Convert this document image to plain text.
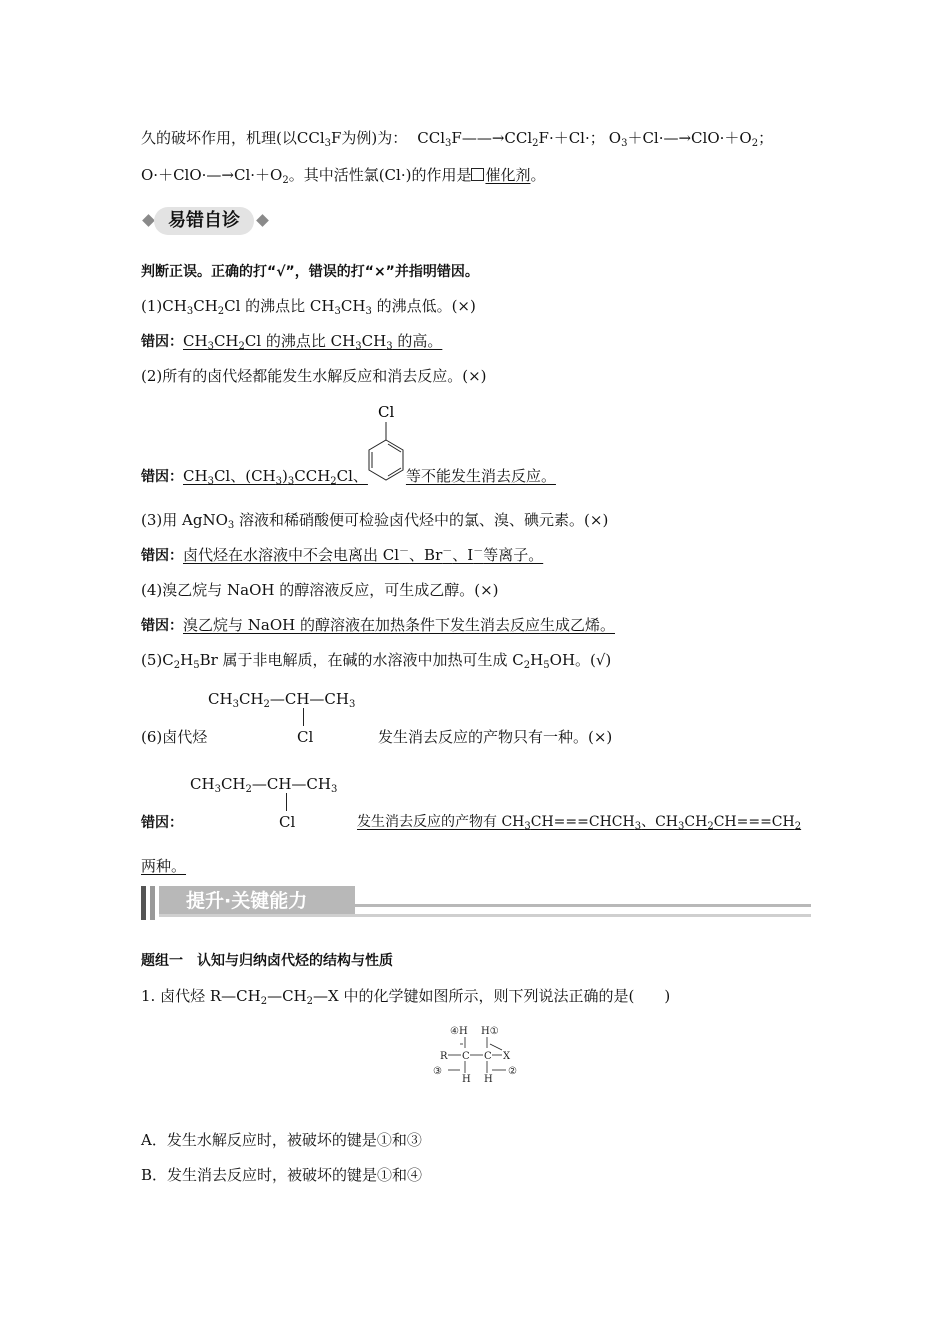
久的破坏作用，机理(以CCl$_3$F为例)为： CCl$_3$F——→CCl$_2$F·＋Cl·； $O_3+Cl\cdot—\to ClO\cdot+O_2$；
$O\cdot+ClO\cdot—\to Cl\cdot+O_2$。其中活性氯(Cl·)的作用是 催化剂。
易错自诊
判断正误。正确的打“√”，错误的打“×”并指明错因。
$(1)CH_3CH_2Cl$ 的沸点比 $CH_3CH_3$ 的沸点低。(×)
错因：$CH_3CH_2Cl$ 的沸点比 $CH_3CH_3$ 的高。
(2)所有的卤代烃都能发生水解反应和消去反应。(×)
Cl
错因：$CH_3Cl$、$(CH_3)_3CCH_2Cl$、	等不能发生消去反应。
(3)用 AgNO$_3$ 溶液和稀硝酸便可检验卤代烃中的氯、溴、碘元素。(×)
错因：卤代烃在水溶液中不会电离出 Cl－、Br－、I－等离子。
(4)溴乙烷与 NaOH 的醇溶液反应，可生成乙醇。(×)
错因：溴乙烷与 NaOH 的醇溶液在加热条件下发生消去反应生成乙烯。
$(5)C_2H_5Br$ 属于非电解质，在碱的水溶液中加热可生成 $C_2H_5OH$。(√)
$CH_3CH_2—CH—CH_3$
(6)卤代烃	Cl	发生消去反应的产物只有一种。(×)
$CH_3CH_2—CH—CH_3$
错因：	Cl	发生消去反应的产物有 $CH_3CH===CHCH_3$、$CH_3CH_2CH===CH_2$
两种。
提升·关键能力
题组一　认知与归纳卤代烃的结构与性质
1. 卤代烃 $R—CH_2—CH_2—X$ 中的化学键如图所示，则下列说法正确的是(　　)
④H H①
R C C X
③
H H
②
A．发生水解反应时，被破坏的键是①和③
B．发生消去反应时，被破坏的键是①和④
